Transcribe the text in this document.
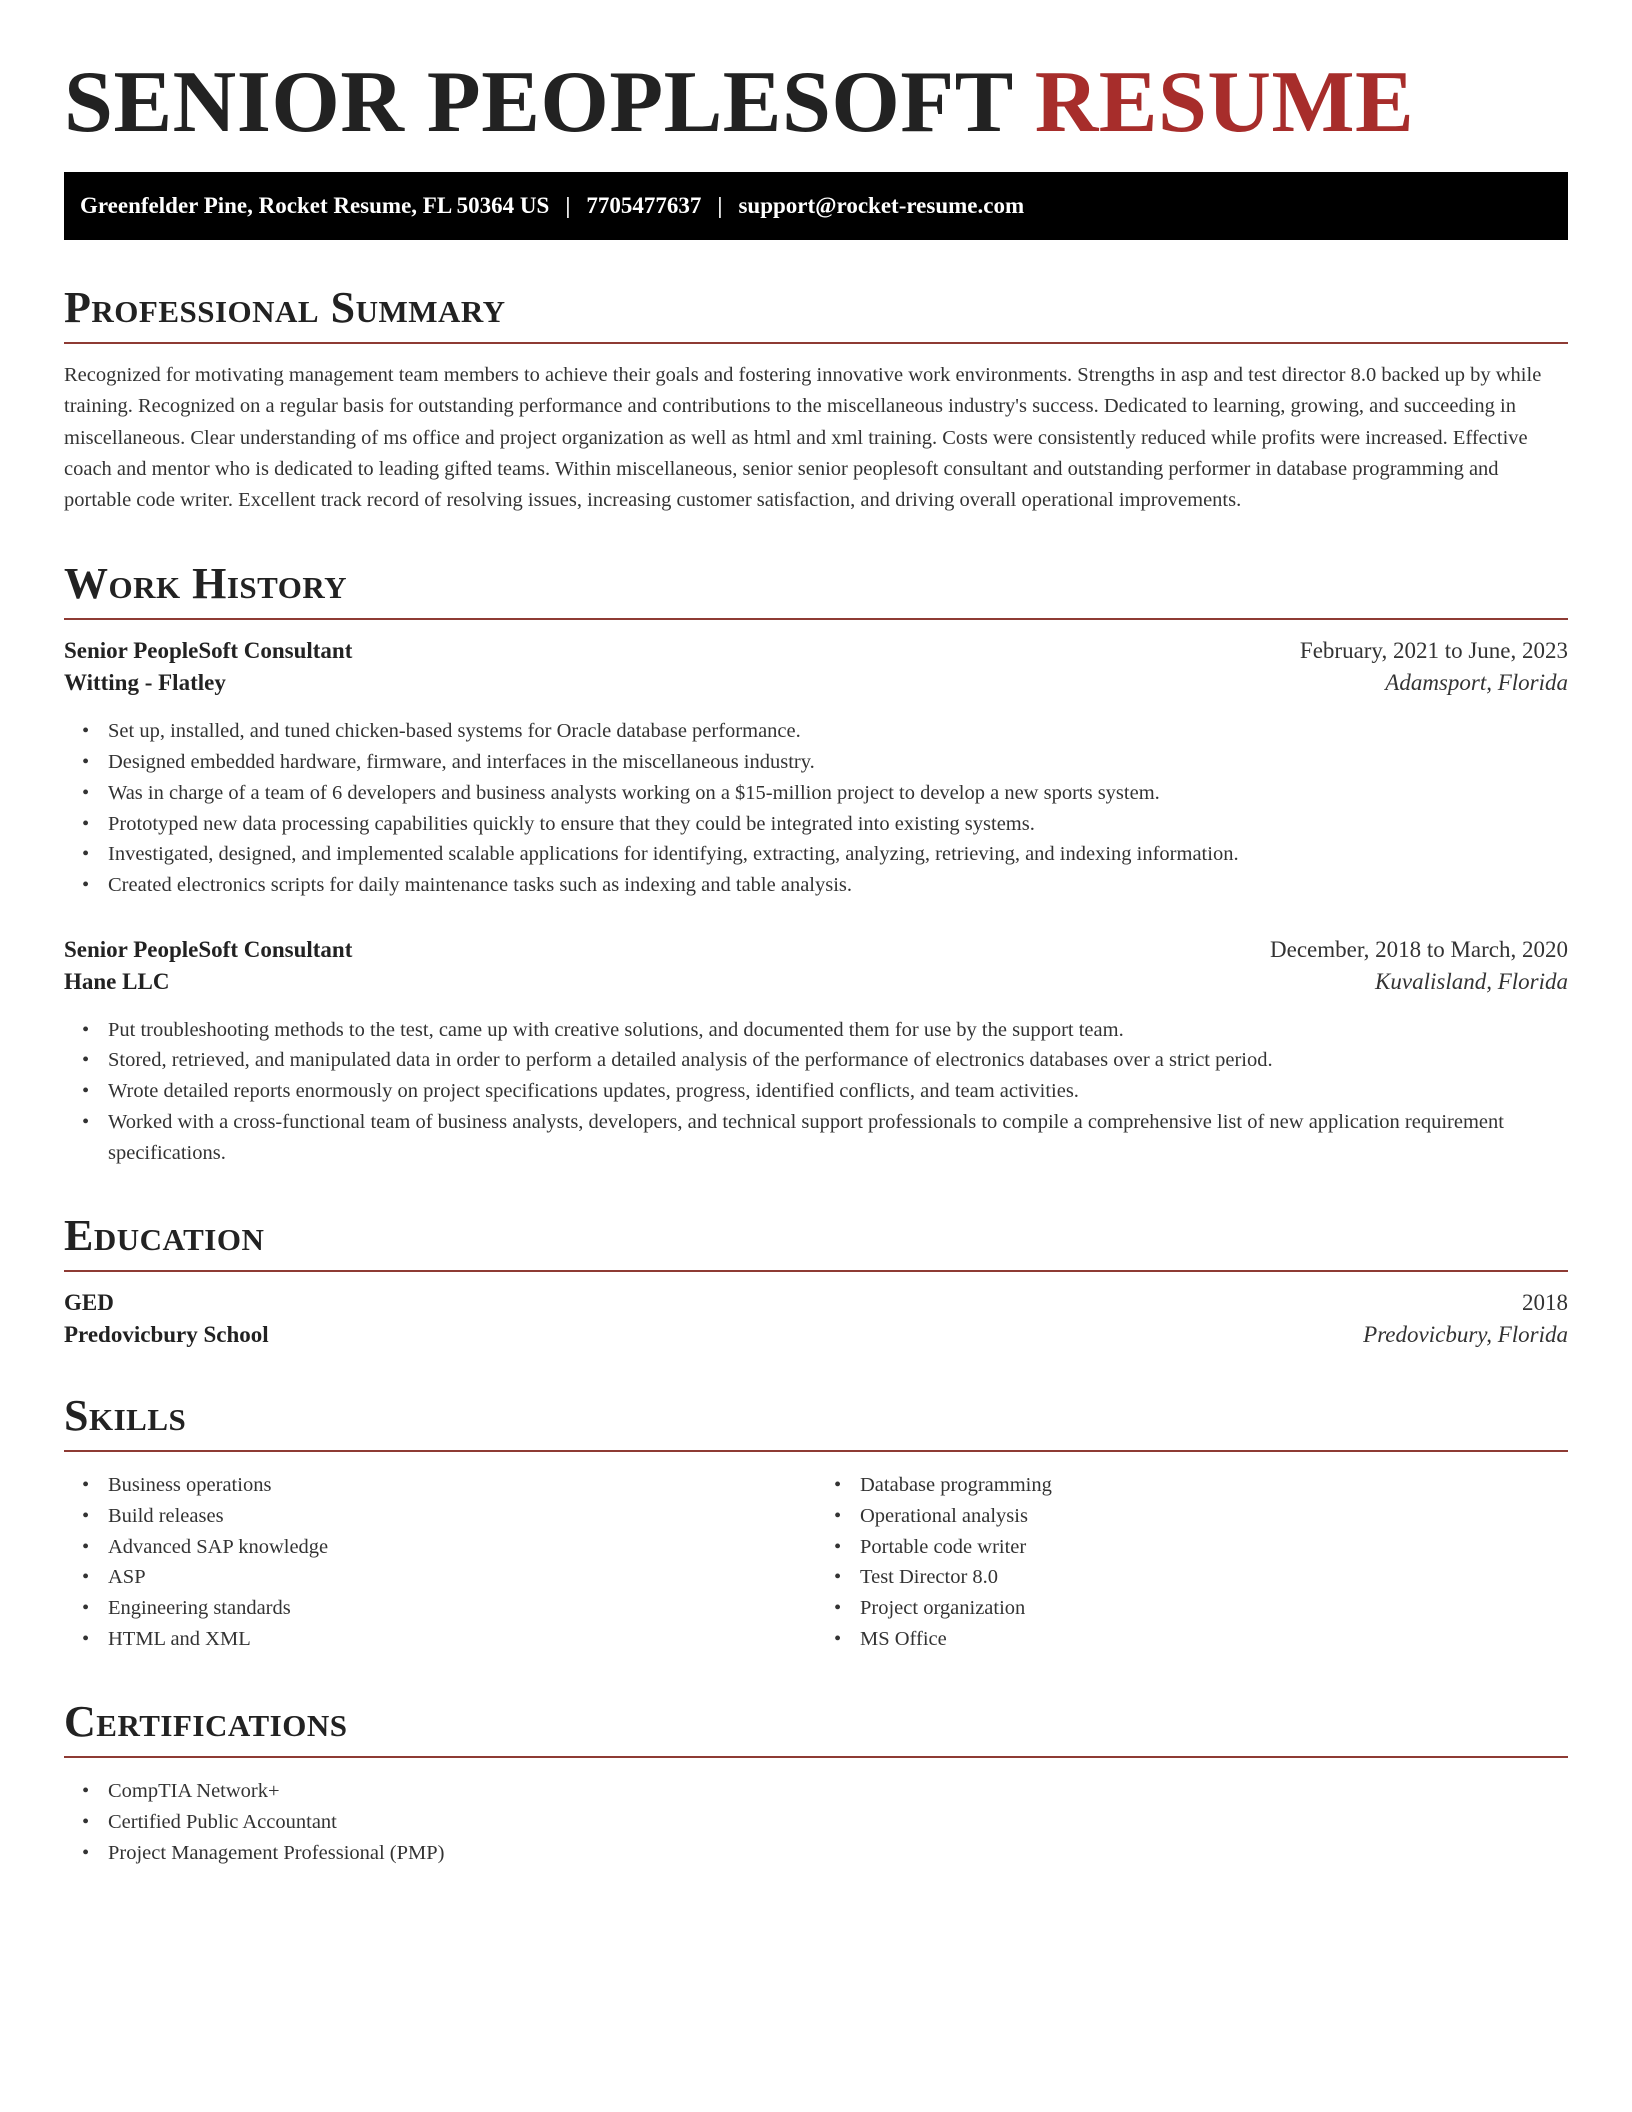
SENIOR PEOPLESOFT RESUME
Greenfelder Pine, Rocket Resume, FL 50364 US | 7705477637 | support@rocket-resume.com
Professional Summary

Recognized for motivating management team members to achieve their goals and fostering innovative work environments. Strengths in asp and test director 8.0 backed up by while training. Recognized on a regular basis for outstanding performance and contributions to the miscellaneous industry's success. Dedicated to learning, growing, and succeeding in miscellaneous. Clear understanding of ms office and project organization as well as html and xml training. Costs were consistently reduced while profits were increased. Effective coach and mentor who is dedicated to leading gifted teams. Within miscellaneous, senior senior peoplesoft consultant and outstanding performer in database programming and portable code writer. Excellent track record of resolving issues, increasing customer satisfaction, and driving overall operational improvements.

Work History
Senior PeopleSoft Consultant	February, 2021 to June, 2023
Witting - Flatley	Adamsport, Florida
• Set up, installed, and tuned chicken-based systems for Oracle database performance.
• Designed embedded hardware, firmware, and interfaces in the miscellaneous industry.
• Was in charge of a team of 6 developers and business analysts working on a $15-million project to develop a new sports system.
• Prototyped new data processing capabilities quickly to ensure that they could be integrated into existing systems.
• Investigated, designed, and implemented scalable applications for identifying, extracting, analyzing, retrieving, and indexing information.
• Created electronics scripts for daily maintenance tasks such as indexing and table analysis.
Senior PeopleSoft Consultant	December, 2018 to March, 2020
Hane LLC	Kuvalisland, Florida
• Put troubleshooting methods to the test, came up with creative solutions, and documented them for use by the support team.
• Stored, retrieved, and manipulated data in order to perform a detailed analysis of the performance of electronics databases over a strict period.
• Wrote detailed reports enormously on project specifications updates, progress, identified conflicts, and team activities.
• Worked with a cross-functional team of business analysts, developers, and technical support professionals to compile a comprehensive list of new application requirement specifications.
Education
GED	2018
Predovicbury School	Predovicbury, Florida
Skills
• Business operations
• Build releases
• Advanced SAP knowledge
• ASP
• Engineering standards
• HTML and XML
• Database programming
• Operational analysis
• Portable code writer
• Test Director 8.0
• Project organization
• MS Office
Certifications
• CompTIA Network+
• Certified Public Accountant
• Project Management Professional (PMP)
